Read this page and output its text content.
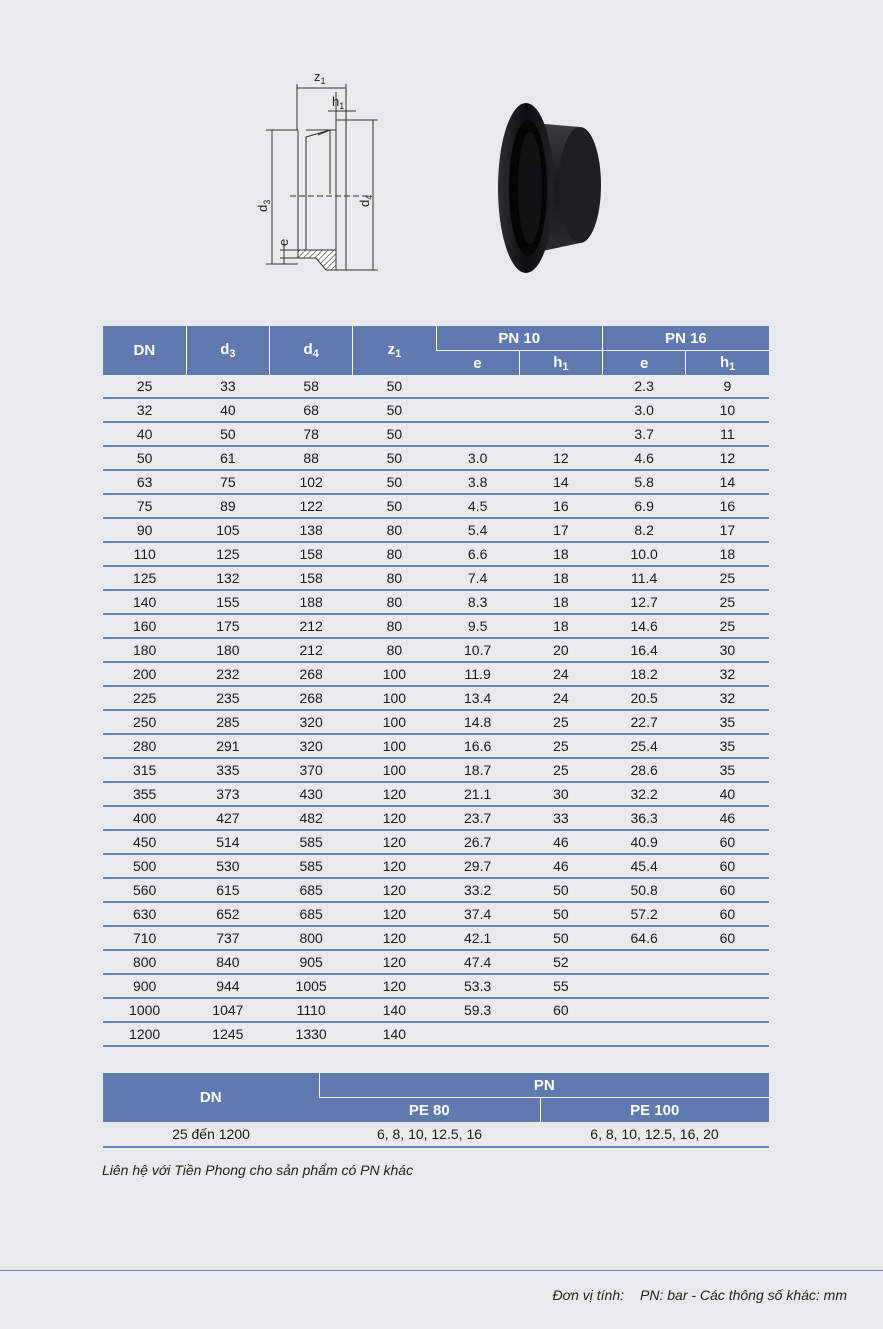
$z_1$
$h_1$
$d_3$	$d_4$
e
DN	$d_3$	$d_4$	$z_1$	PN 10		PN 16	
				e	$h_1$	e	$h_1$
25	33	58	50			2.3	9
32	40	68	50			3.0	10
40	50	78	50			3.7	11
50	61	88	50	3.0	12	4.6	12
63	75	102	50	3.8	14	5.8	14
75	89	122	50	4.5	16	6.9	16
90	105	138	80	5.4	17	8.2	17
110	125	158	80	6.6	18	10.0	18
125	132	158	80	7.4	18	11.4	25
140	155	188	80	8.3	18	12.7	25
160	175	212	80	9.5	18	14.6	25
180	180	212	80	10.7	20	16.4	30
200	232	268	100	11.9	24	18.2	32
225	235	268	100	13.4	24	20.5	32
250	285	320	100	14.8	25	22.7	35
280	291	320	100	16.6	25	25.4	35
315	335	370	100	18.7	25	28.6	35
355	373	430	120	21.1	30	32.2	40
400	427	482	120	23.7	33	36.3	46
450	514	585	120	26.7	46	40.9	60
500	530	585	120	29.7	46	45.4	60
560	615	685	120	33.2	50	50.8	60
630	652	685	120	37.4	50	57.2	60
710	737	800	120	42.1	50	64.6	60
800	840	905	120	47.4	52		
900	944	1005	120	53.3	55		
1000	1047	1110	140	59.3	60		
1200	1245	1330	140				
DN	PN	
	PE 80	PE 100
25 đến 1200	6, 8, 10, 12.5, 16	6, 8, 10, 12.5, 16, 20
Liên hệ với Tiền Phong cho sản phẩm có PN khác
Đơn vị tính: PN: bar - Các thông số khác: mm
